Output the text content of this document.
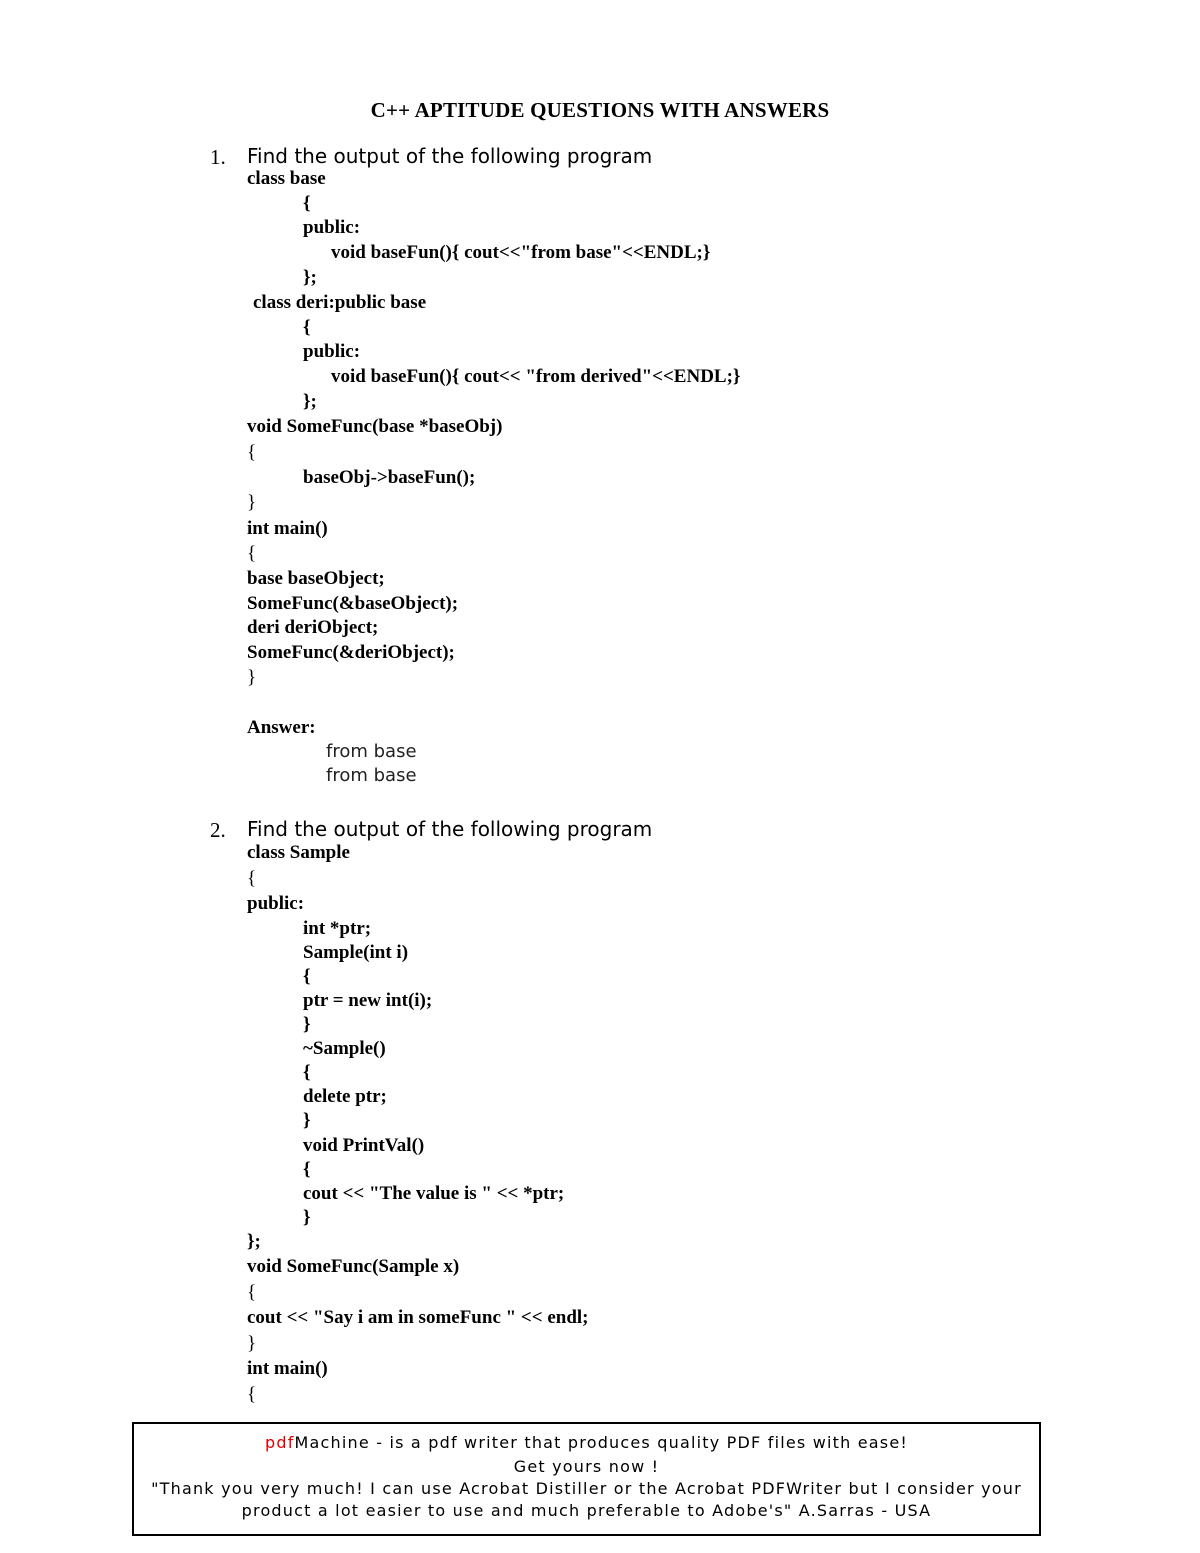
C++ APTITUDE QUESTIONS WITH ANSWERS
1. Find the output of the following program
class base
{
public:
void baseFun(){ cout<<"from base"<<ENDL;}
};
class deri:public base
{
public:
void baseFun(){ cout<< "from derived"<<ENDL;}
};
void SomeFunc(base *baseObj)
{
baseObj->baseFun();
}
int main()
{
base baseObject;
SomeFunc(&baseObject);
deri deriObject;
SomeFunc(&deriObject);
}
Answer:
from base
from base
2. Find the output of the following program
class Sample
{
public:
int *ptr;
Sample(int i)
{
ptr = new int(i);
}
~Sample()
{
delete ptr;
}
void PrintVal()
{
cout << "The value is " << *ptr;
}
};
void SomeFunc(Sample x)
{
cout << "Say i am in someFunc " << endl;
}
int main()
{
pdfMachine - is a pdf writer that produces quality PDF files with ease!
Get yours now !
"Thank you very much! I can use Acrobat Distiller or the Acrobat PDFWriter but I consider your
product a lot easier to use and much preferable to Adobe's" A.Sarras - USA
